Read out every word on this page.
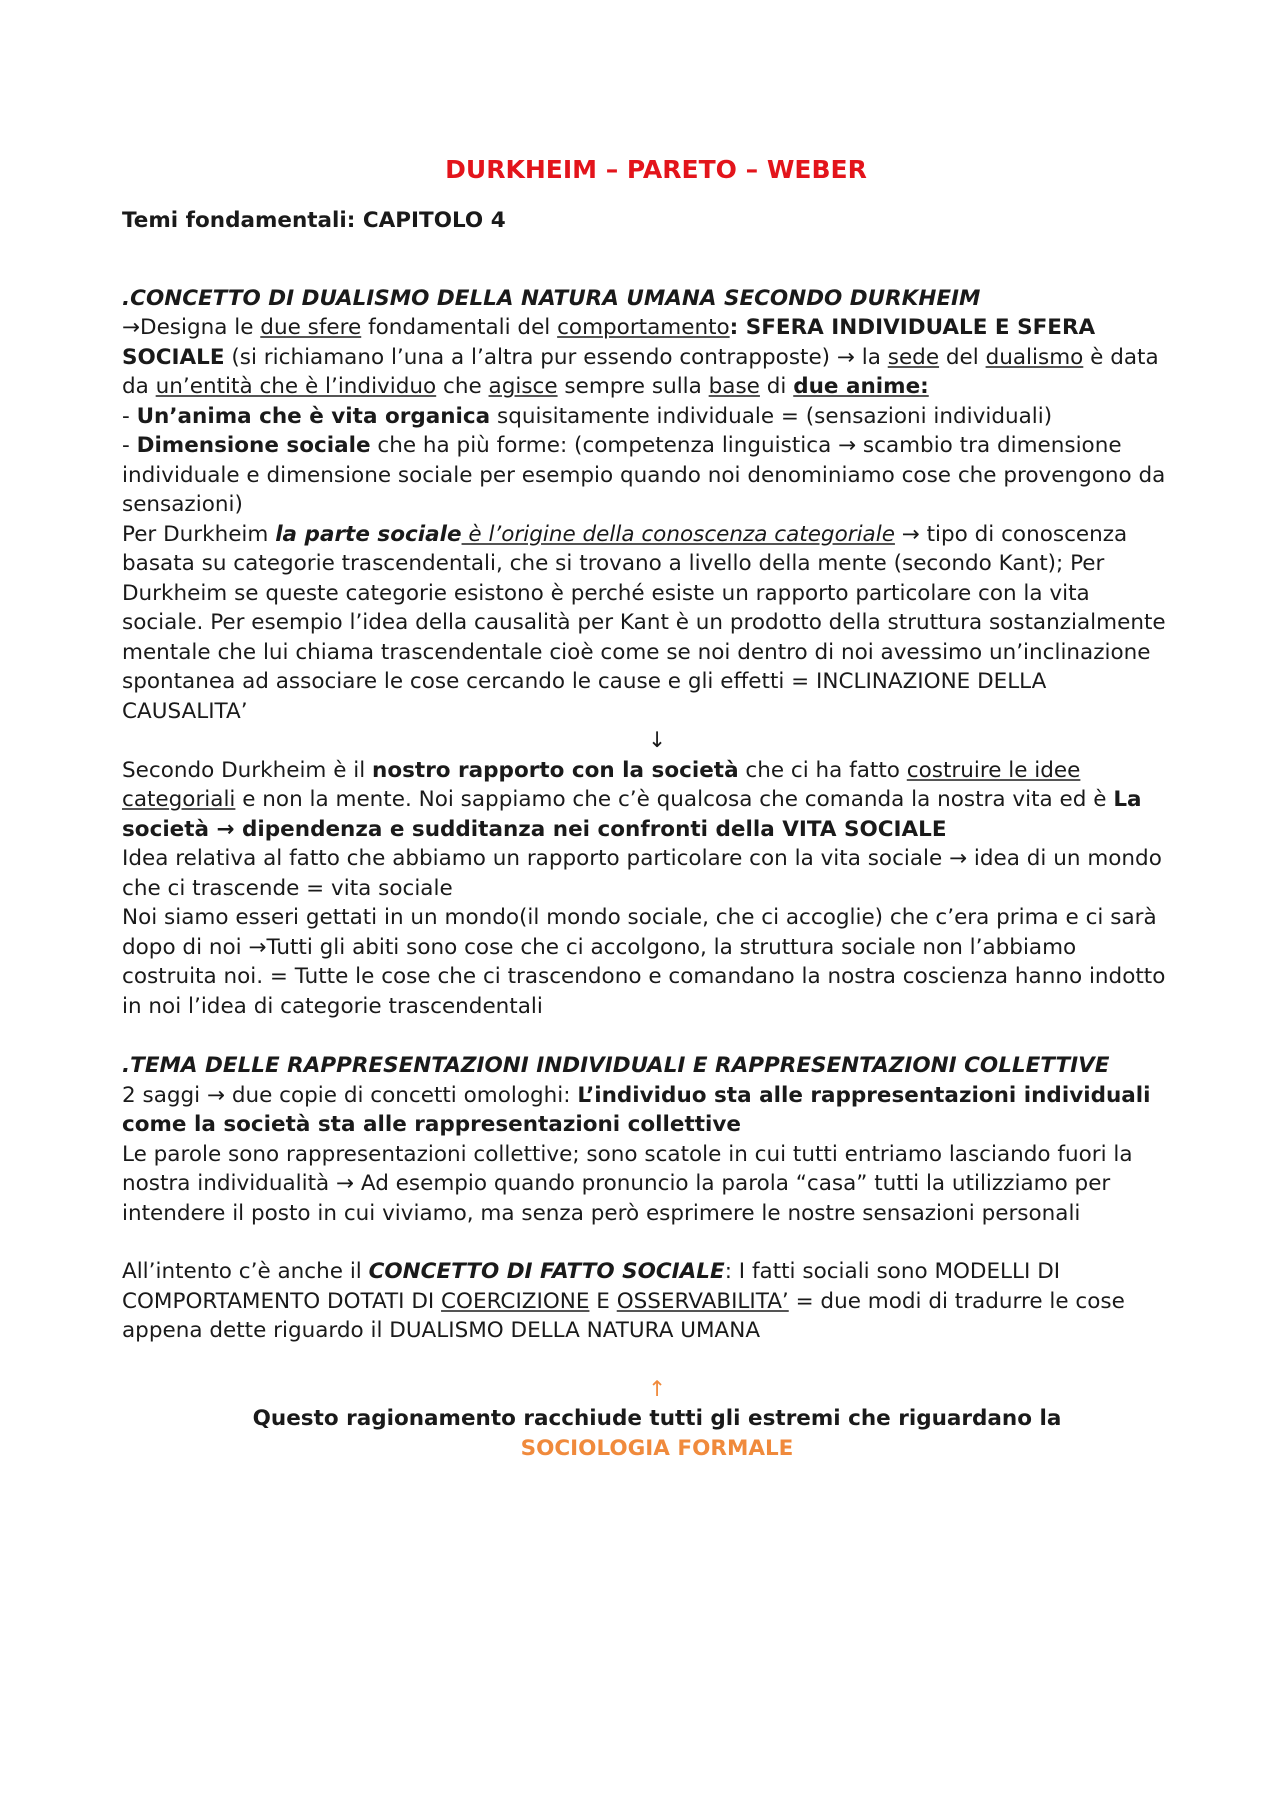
DURKHEIM – PARETO – WEBER
Temi fondamentali: CAPITOLO 4
.CONCETTO DI DUALISMO DELLA NATURA UMANA SECONDO DURKHEIM

→Designa le due sfere fondamentali del comportamento: SFERA INDIVIDUALE E SFERA SOCIALE (si richiamano l’una a l’altra pur essendo contrapposte) → la sede del dualismo è data da un’entità che è l’individuo che agisce sempre sulla base di due anime:

- Un’anima che è vita organica squisitamente individuale = (sensazioni individuali)

- Dimensione sociale che ha più forme: (competenza linguistica → scambio tra dimensione individuale e dimensione sociale per esempio quando noi denominiamo cose che provengono da sensazioni)

Per Durkheim la parte sociale è l’origine della conoscenza categoriale → tipo di conoscenza basata su categorie trascendentali, che si trovano a livello della mente (secondo Kant); Per Durkheim se queste categorie esistono è perché esiste un rapporto particolare con la vita sociale. Per esempio l’idea della causalità per Kant è un prodotto della struttura sostanzialmente mentale che lui chiama trascendentale cioè come se noi dentro di noi avessimo un’inclinazione spontanea ad associare le cose cercando le cause e gli effetti = INCLINAZIONE DELLA CAUSALITA’

↓

Secondo Durkheim è il nostro rapporto con la società che ci ha fatto costruire le idee categoriali e non la mente. Noi sappiamo che c’è qualcosa che comanda la nostra vita ed è La società → dipendenza e sudditanza nei confronti della VITA SOCIALE

Idea relativa al fatto che abbiamo un rapporto particolare con la vita sociale → idea di un mondo che ci trascende = vita sociale

Noi siamo esseri gettati in un mondo(il mondo sociale, che ci accoglie) che c’era prima e ci sarà dopo di noi →Tutti gli abiti sono cose che ci accolgono, la struttura sociale non l’abbiamo costruita noi. = Tutte le cose che ci trascendono e comandano la nostra coscienza hanno indotto in noi l’idea di categorie trascendentali

.TEMA DELLE RAPPRESENTAZIONI INDIVIDUALI E RAPPRESENTAZIONI COLLETTIVE

2 saggi → due copie di concetti omologhi: L’individuo sta alle rappresentazioni individuali come la società sta alle rappresentazioni collettive

Le parole sono rappresentazioni collettive; sono scatole in cui tutti entriamo lasciando fuori la nostra individualità → Ad esempio quando pronuncio la parola “casa” tutti la utilizziamo per intendere il posto in cui viviamo, ma senza però esprimere le nostre sensazioni personali

All’intento c’è anche il CONCETTO DI FATTO SOCIALE: I fatti sociali sono MODELLI DI COMPORTAMENTO DOTATI DI COERCIZIONE E OSSERVABILITA’ = due modi di tradurre le cose appena dette riguardo il DUALISMO DELLA NATURA UMANA

↑
Questo ragionamento racchiude tutti gli estremi che riguardano la
SOCIOLOGIA FORMALE
